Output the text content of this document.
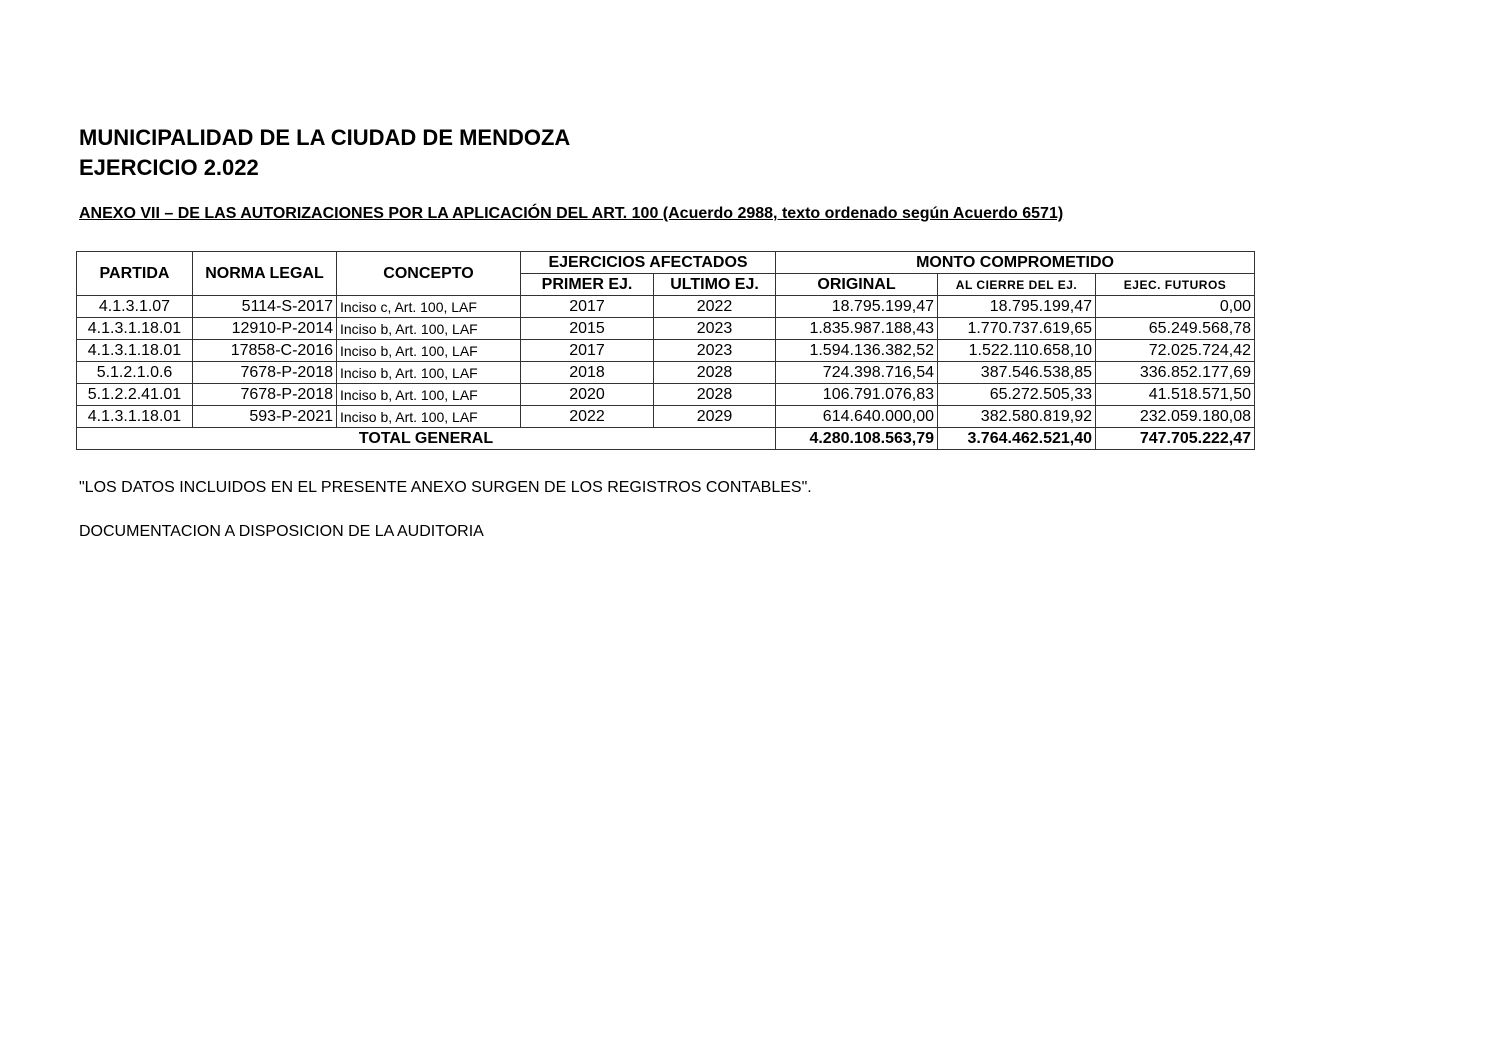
MUNICIPALIDAD DE LA CIUDAD DE MENDOZA

EJERCICIO 2.022

ANEXO VII – DE LAS AUTORIZACIONES POR LA APLICACIÓN DEL ART. 100 (Acuerdo 2988, texto ordenado según Acuerdo 6571)

PARTIDA	NORMA LEGAL	CONCEPTO	EJERCICIOS AFECTADOS		MONTO COMPROMETIDO		
			PRIMER EJ.	ULTIMO EJ.	ORIGINAL	AL CIERRE DEL EJ.	EJEC. FUTUROS
4.1.3.1.07	5114-S-2017	Inciso c, Art. 100, LAF	2017	2022	18.795.199,47	18.795.199,47	0,00
4.1.3.1.18.01	12910-P-2014	Inciso b, Art. 100, LAF	2015	2023	1.835.987.188,43	1.770.737.619,65	65.249.568,78
4.1.3.1.18.01	17858-C-2016	Inciso b, Art. 100, LAF	2017	2023	1.594.136.382,52	1.522.110.658,10	72.025.724,42
5.1.2.1.0.6	7678-P-2018	Inciso b, Art. 100, LAF	2018	2028	724.398.716,54	387.546.538,85	336.852.177,69
5.1.2.2.41.01	7678-P-2018	Inciso b, Art. 100, LAF	2020	2028	106.791.076,83	65.272.505,33	41.518.571,50
4.1.3.1.18.01	593-P-2021	Inciso b, Art. 100, LAF	2022	2029	614.640.000,00	382.580.819,92	232.059.180,08
TOTAL GENERAL					4.280.108.563,79	3.764.462.521,40	747.705.222,47

"LOS DATOS INCLUIDOS EN EL PRESENTE ANEXO SURGEN DE LOS REGISTROS CONTABLES".

DOCUMENTACION A DISPOSICION DE LA AUDITORIA
